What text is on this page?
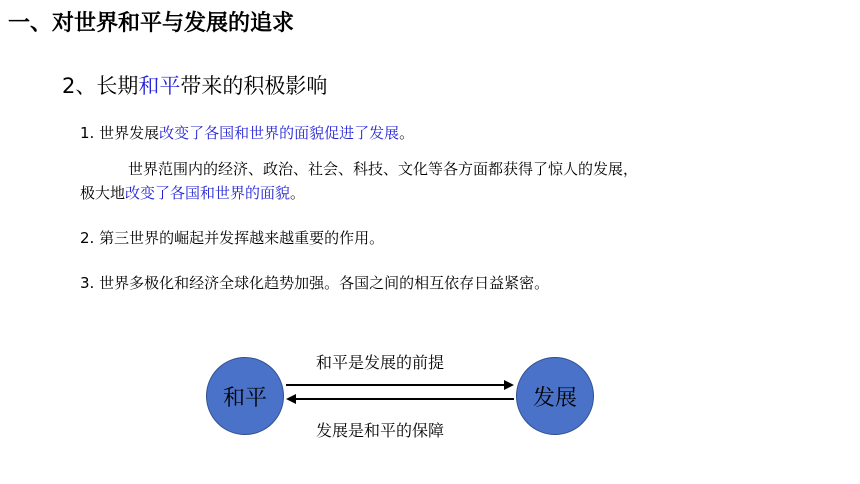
一、对世界和平与发展的追求
2、长期和平带来的积极影响
1. 世界发展改变了各国和世界的面貌促进了发展。
世界范围内的经济、政治、社会、科技、文化等各方面都获得了惊人的发展，
极大地改变了各国和世界的面貌。
2. 第三世界的崛起并发挥越来越重要的作用。
3. 世界多极化和经济全球化趋势加强。各国之间的相互依存日益紧密。
和平是发展的前提
发展是和平的保障
和平	发展
